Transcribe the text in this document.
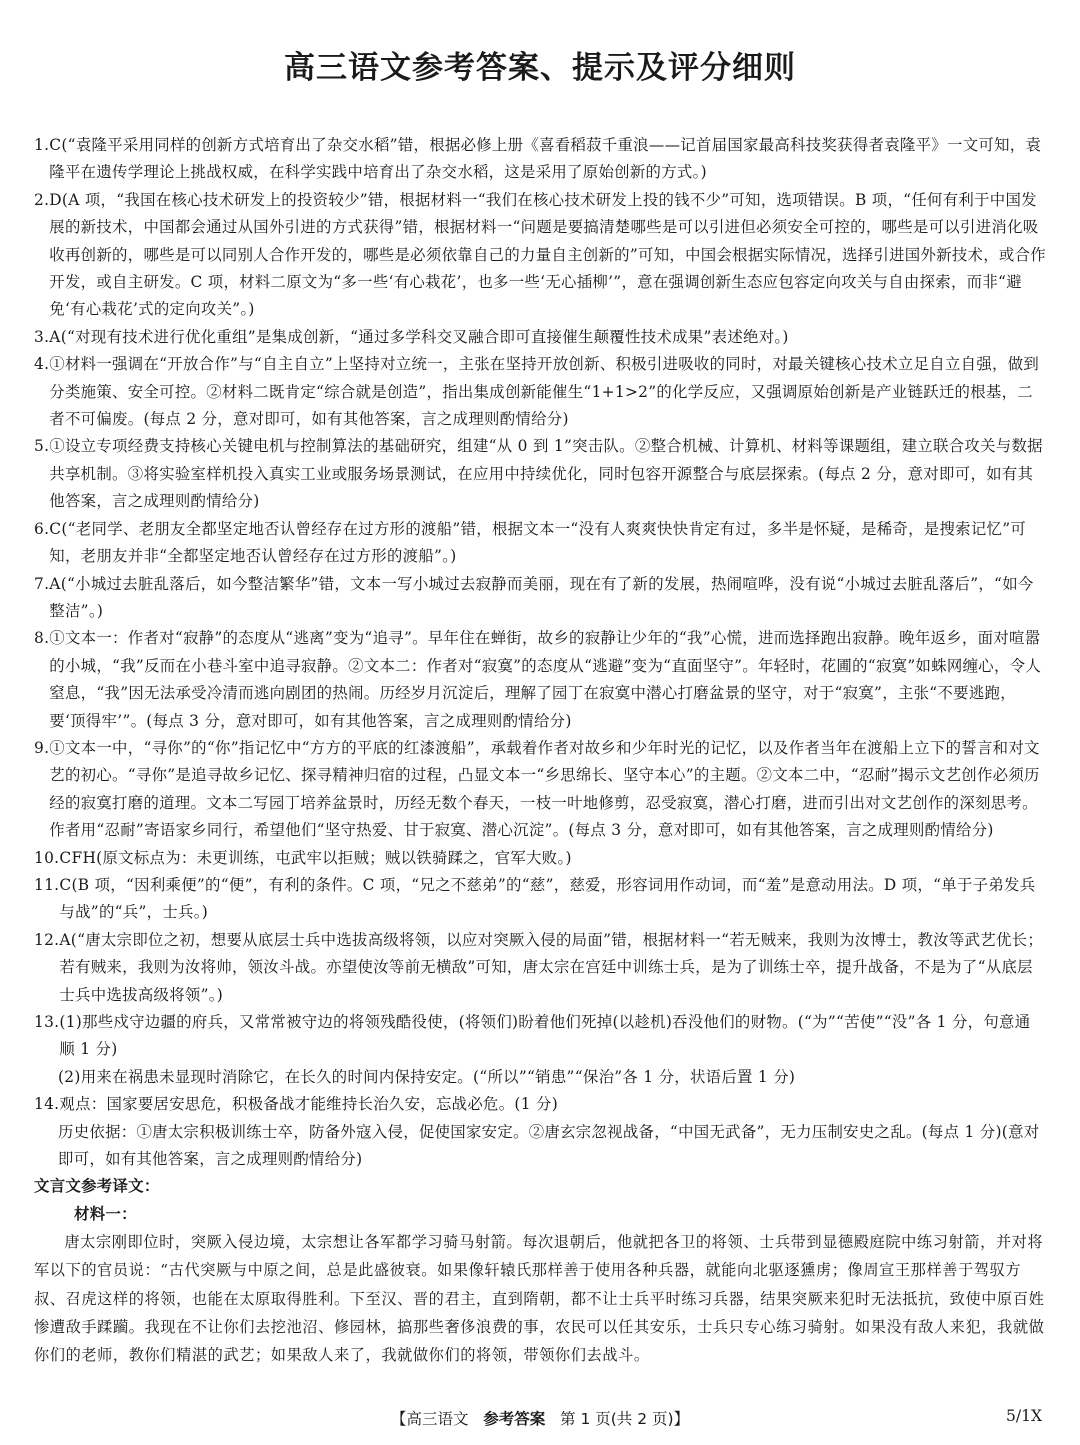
高三语文参考答案、提示及评分细则
1. C(“袁隆平采用同样的创新方式培育出了杂交水稻”错，根据必修上册《喜看稻菽千重浪——记首届国家最高科技奖获得者袁隆平》一文可知，袁隆平在遗传学理论上挑战权威，在科学实践中培育出了杂交水稻，这是采用了原始创新的方式。)
2. D(A 项，“我国在核心技术研发上的投资较少”错，根据材料一“我们在核心技术研发上投的钱不少”可知，选项错误。B 项，“任何有利于中国发展的新技术，中国都会通过从国外引进的方式获得”错，根据材料一“问题是要搞清楚哪些是可以引进但必须安全可控的，哪些是可以引进消化吸收再创新的，哪些是可以同别人合作开发的，哪些是必须依靠自己的力量自主创新的”可知，中国会根据实际情况，选择引进国外新技术，或合作开发，或自主研发。C 项，材料二原文为“多一些‘有心栽花’，也多一些‘无心插柳’”，意在强调创新生态应包容定向攻关与自由探索，而非“避免‘有心栽花’式的定向攻关”。)
3. A(“对现有技术进行优化重组”是集成创新，“通过多学科交叉融合即可直接催生颠覆性技术成果”表述绝对。)
4. ①材料一强调在“开放合作”与“自主自立”上坚持对立统一，主张在坚持开放创新、积极引进吸收的同时，对最关键核心技术立足自立自强，做到分类施策、安全可控。②材料二既肯定“综合就是创造”，指出集成创新能催生“1+1>2”的化学反应，又强调原始创新是产业链跃迁的根基，二者不可偏废。(每点 2 分，意对即可，如有其他答案，言之成理则酌情给分)
5. ①设立专项经费支持核心关键电机与控制算法的基础研究，组建“从 0 到 1”突击队。②整合机械、计算机、材料等课题组，建立联合攻关与数据共享机制。③将实验室样机投入真实工业或服务场景测试，在应用中持续优化，同时包容开源整合与底层探索。(每点 2 分，意对即可，如有其他答案，言之成理则酌情给分)
6. C(“老同学、老朋友全都坚定地否认曾经存在过方形的渡船”错，根据文本一“没有人爽爽快快肯定有过，多半是怀疑，是稀奇，是搜索记忆”可知，老朋友并非“全都坚定地否认曾经存在过方形的渡船”。)
7. A(“小城过去脏乱落后，如今整洁繁华”错，文本一写小城过去寂静而美丽，现在有了新的发展，热闹喧哗，没有说“小城过去脏乱落后”，“如今整洁”。)
8. ①文本一：作者对“寂静”的态度从“逃离”变为“追寻”。早年住在蝉街，故乡的寂静让少年的“我”心慌，进而选择跑出寂静。晚年返乡，面对喧嚣的小城，“我”反而在小巷斗室中追寻寂静。②文本二：作者对“寂寞”的态度从“逃避”变为“直面坚守”。年轻时，花圃的“寂寞”如蛛网缠心，令人窒息，“我”因无法承受冷清而逃向剧团的热闹。历经岁月沉淀后，理解了园丁在寂寞中潜心打磨盆景的坚守，对于“寂寞”，主张“不要逃跑，要‘顶得牢’”。(每点 3 分，意对即可，如有其他答案，言之成理则酌情给分)
9. ①文本一中，“寻你”的“你”指记忆中“方方的平底的红漆渡船”，承载着作者对故乡和少年时光的记忆，以及作者当年在渡船上立下的誓言和对文艺的初心。“寻你”是追寻故乡记忆、探寻精神归宿的过程，凸显文本一“乡思绵长、坚守本心”的主题。②文本二中，“忍耐”揭示文艺创作必须历经的寂寞打磨的道理。文本二写园丁培养盆景时，历经无数个春天，一枝一叶地修剪，忍受寂寞，潜心打磨，进而引出对文艺创作的深刻思考。作者用“忍耐”寄语家乡同行，希望他们“坚守热爱、甘于寂寞、潜心沉淀”。(每点 3 分，意对即可，如有其他答案，言之成理则酌情给分)
10. CFH(原文标点为：未更训练，屯武牢以拒贼；贼以铁骑蹂之，官军大败。)
11. C(B 项，“因利乘便”的“便”，有利的条件。C 项，“兄之不慈弟”的“慈”，慈爱，形容词用作动词，而“羞”是意动用法。D 项，“单于子弟发兵与战”的“兵”，士兵。)
12. A(“唐太宗即位之初，想要从底层士兵中选拔高级将领，以应对突厥入侵的局面”错，根据材料一“若无贼来，我则为汝博士，教汝等武艺优长；若有贼来，我则为汝将帅，领汝斗战。亦望使汝等前无横敌”可知，唐太宗在宫廷中训练士兵，是为了训练士卒，提升战备，不是为了“从底层士兵中选拔高级将领”。)
13. (1)那些戍守边疆的府兵，又常常被守边的将领残酷役使，(将领们)盼着他们死掉(以趁机)吞没他们的财物。(“为”“苦使”“没”各 1 分，句意通顺 1 分)
(2)用来在祸患未显现时消除它，在长久的时间内保持安定。(“所以”“销患”“保治”各 1 分，状语后置 1 分)
14. 观点：国家要居安思危，积极备战才能维持长治久安，忘战必危。(1 分)
历史依据：①唐太宗积极训练士卒，防备外寇入侵，促使国家安定。②唐玄宗忽视战备，“中国无武备”，无力压制安史之乱。(每点 1 分)(意对即可，如有其他答案，言之成理则酌情给分)
文言文参考译文：
材料一：
唐太宗刚即位时，突厥入侵边境，太宗想让各军都学习骑马射箭。每次退朝后，他就把各卫的将领、士兵带到显德殿庭院中练习射箭，并对将军以下的官员说：“古代突厥与中原之间，总是此盛彼衰。如果像轩辕氏那样善于使用各种兵器，就能向北驱逐獯虏；像周宣王那样善于驾驭方叔、召虎这样的将领，也能在太原取得胜利。下至汉、晋的君主，直到隋朝，都不让士兵平时练习兵器，结果突厥来犯时无法抵抗，致使中原百姓惨遭敌手蹂躏。我现在不让你们去挖池沼、修园林，搞那些奢侈浪费的事，农民可以任其安乐，士兵只专心练习骑射。如果没有敌人来犯，我就做你们的老师，教你们精湛的武艺；如果敌人来了，我就做你们的将领，带领你们去战斗。
【高三语文 参考答案 第 1 页(共 2 页)】	5/1X
